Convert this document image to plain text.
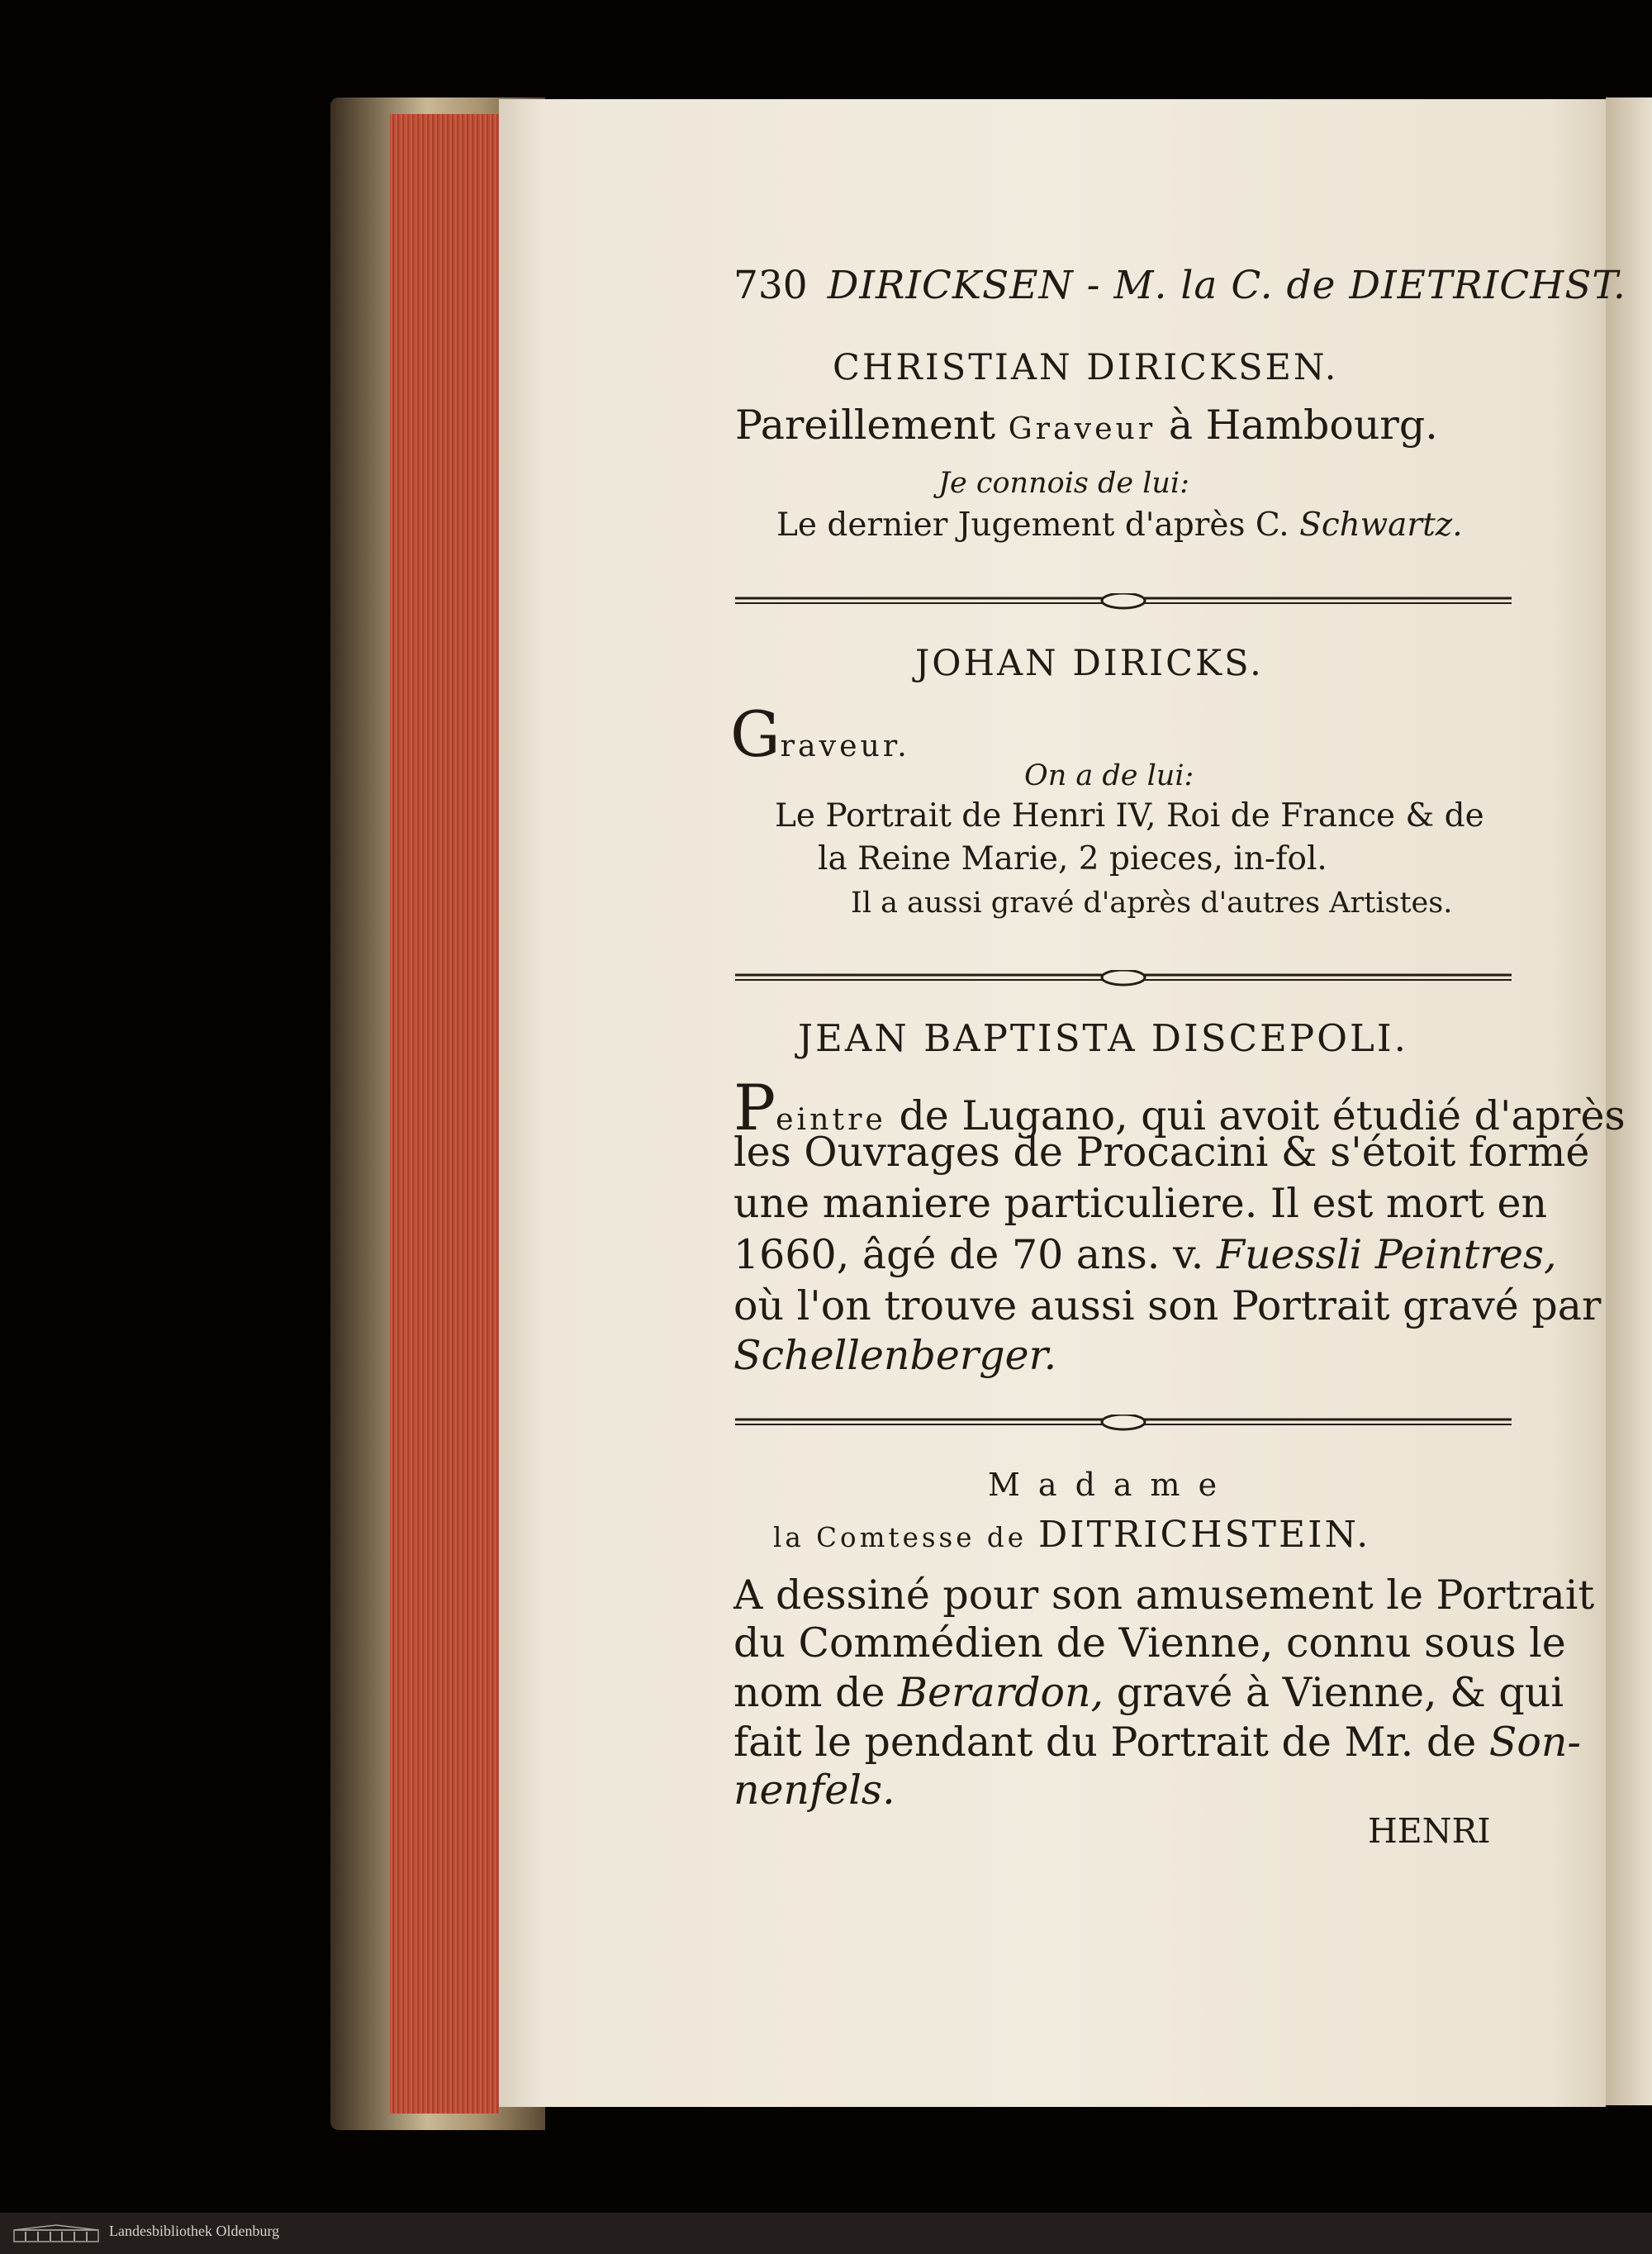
730 DIRICKSEN - M. la C. de DIETRICHST.
CHRISTIAN DIRICKSEN.
Pareillement Graveur à Hambourg.
Je connois de lui:
Le dernier Jugement d'après C. Schwartz.
JOHAN DIRICKS.
Graveur.
On a de lui:
Le Portrait de Henri IV, Roi de France & de
la Reine Marie, 2 pieces, in-fol.
Il a aussi gravé d'après d'autres Artistes.
JEAN BAPTISTA DISCEPOLI.
Peintre de Lugano, qui avoit étudié d'après
les Ouvrages de Procacini & s'étoit formé
une maniere particuliere. Il est mort en
1660, âgé de 70 ans. v. Fuessli Peintres,
où l'on trouve aussi son Portrait gravé par
Schellenberger.
Madame
la Comtesse de DITRICHSTEIN.
A dessiné pour son amusement le Portrait
du Commédien de Vienne, connu sous le
nom de Berardon, gravé à Vienne, & qui
fait le pendant du Portrait de Mr. de Son-
nenfels.
HENRI
Landesbibliothek Oldenburg
